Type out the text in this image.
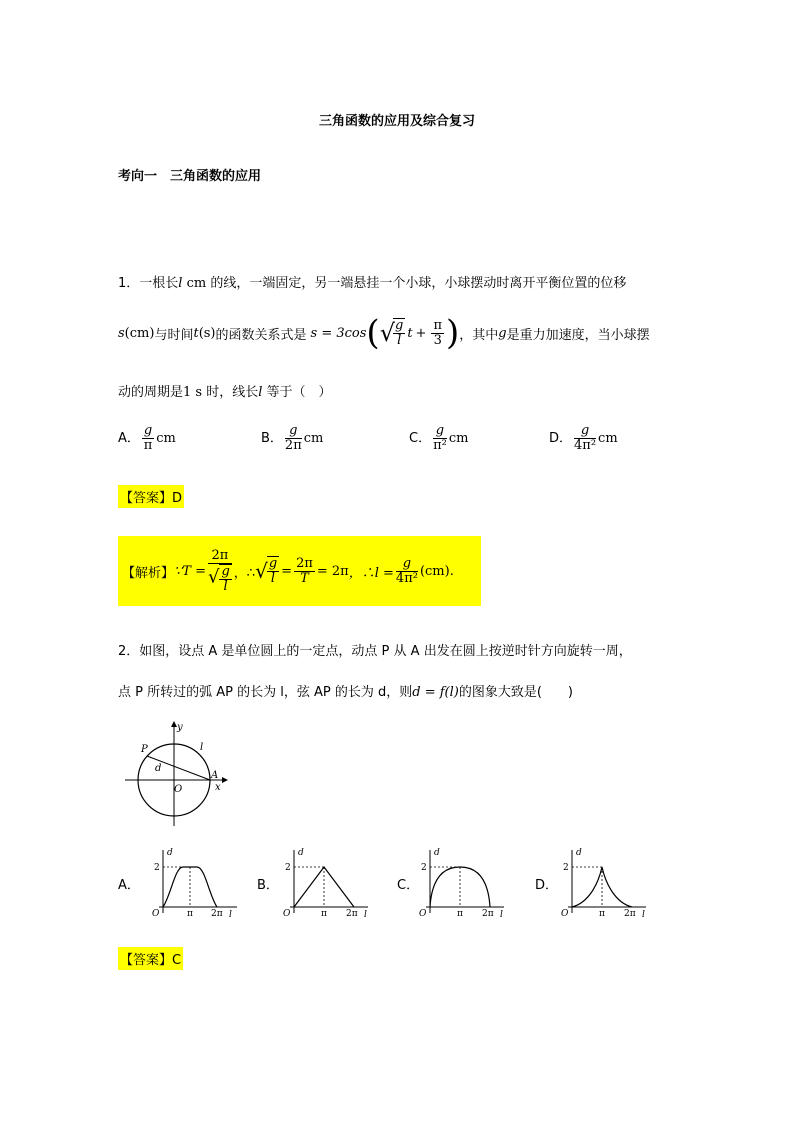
三角函数的应用及综合复习
考向一　三角函数的应用
1．一根长l cm 的线，一端固定，另一端悬挂一个小球，小球摆动时离开平衡位置的位移
s (cm) 与时间 t (s) 的函数关系式是 s = 3cos ( √
$\frac{g}{l}$ $t + \frac{\pi}{3}$ ) ，其中 g 是重力加速度，当小球摆
动的周期是1 s 时，线长l 等于（　）
A． $\frac{g}{\pi}$ cm	B． $\frac{g}{2\pi}$ cm	C． $\frac{g}{\text{π²}}$ cm	D． $\frac{g}{\text{4π²}}$ cm
【答案】D
【解析】 ∵T = $\frac{2\pi}{√ \frac{g}{l}}$ ，∴ √ $\frac{g}{l} = \frac{2\pi}{T} = 2\pi$ ，∴l = $\frac{g}{\text{4π²}} (cm)$.
2．如图，设点 A 是单位圆上的一定点，动点 P 从 A 出发在圆上按逆时针方向旋转一周，
点 P 所转过的弧 AP 的长为 l，弦 AP 的长为 d，则d = f(l)的图象大致是(　　)
P
y
l
d
A
O	x
A．
d
2
O	π 2π l
B．
d
2
O	π 2π l
C．
d
2
O	π 2π l
D．
d
2
O	π 2π l
【答案】C
